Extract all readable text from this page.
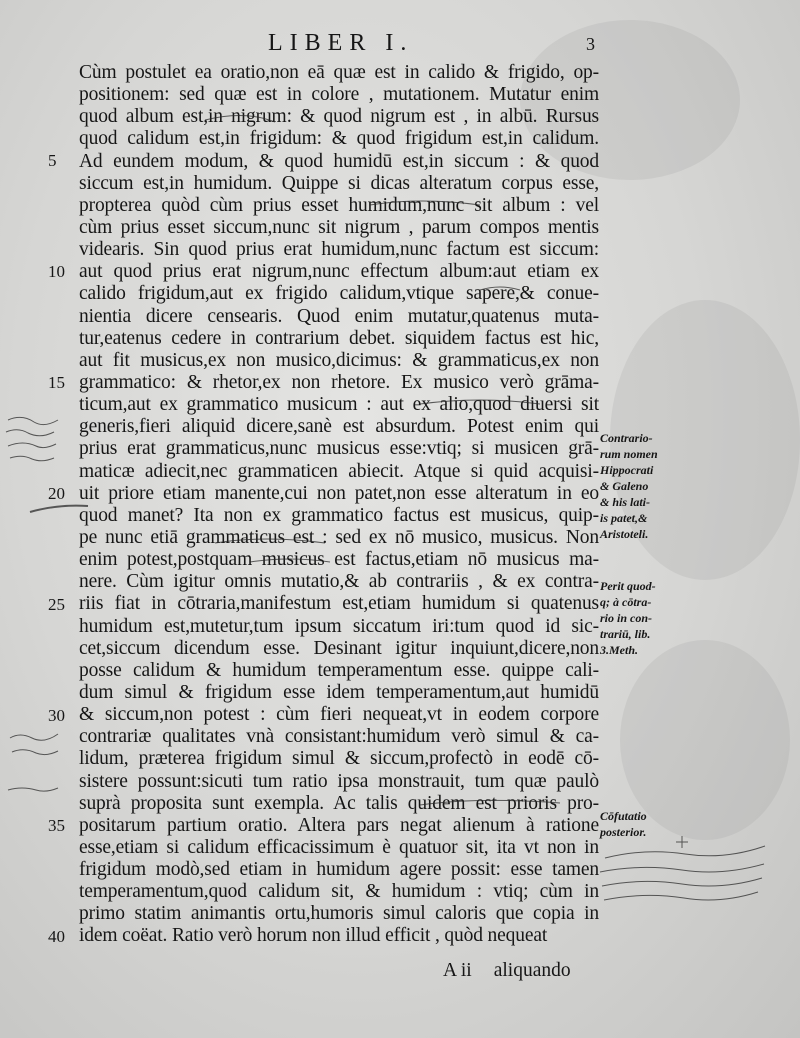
LIBER I.	3
Cùm postulet ea oratio,non eā quæ est in calido & frigido, op-
positionem: sed quæ est in colore , mutationem. Mutatur enim
quod album est,in nigrum: & quod nigrum est , in albū. Rursus
quod calidum est,in frigidum: & quod frigidum est,in calidum.
Ad eundem modum, & quod humidū est,in siccum : & quod
siccum est,in humidum. Quippe si dicas alteratum corpus esse,
propterea quòd cùm prius esset humidum,nunc sit album : vel
cùm prius esset siccum,nunc sit nigrum , parum compos mentis
videaris. Sin quod prius erat humidum,nunc factum est siccum:
aut quod prius erat nigrum,nunc effectum album:aut etiam ex
calido frigidum,aut ex frigido calidum,vtique sapere,& conue-
nientia dicere censearis. Quod enim mutatur,quatenus muta-
tur,eatenus cedere in contrarium debet. siquidem factus est hic,
aut fit musicus,ex non musico,dicimus: & grammaticus,ex non
grammatico: & rhetor,ex non rhetore. Ex musico verò grāma-
ticum,aut ex grammatico musicum : aut ex alio,quod diuersi sit
generis,fieri aliquid dicere,sanè est absurdum. Potest enim qui
prius erat grammaticus,nunc musicus esse:vtiq; si musicen grā-
maticæ adiecit,nec grammaticen abiecit. Atque si quid acquisi-
uit priore etiam manente,cui non patet,non esse alteratum in eo
quod manet? Ita non ex grammatico factus est musicus, quip-
pe nunc etiā grammaticus est : sed ex nō musico, musicus. Non
enim potest,postquam musicus est factus,etiam nō musicus ma-
nere. Cùm igitur omnis mutatio,& ab contrariis , & ex contra-
riis fiat in cōtraria,manifestum est,etiam humidum si quatenus
humidum est,mutetur,tum ipsum siccatum iri:tum quod id sic-
cet,siccum dicendum esse. Desinant igitur inquiunt,dicere,non
posse calidum & humidum temperamentum esse. quippe cali-
dum simul & frigidum esse idem temperamentum,aut humidū
& siccum,non potest : cùm fieri nequeat,vt in eodem corpore
contrariæ qualitates vnà consistant:humidum verò simul & ca-
lidum, præterea frigidum simul & siccum,profectò in eodē cō-
sistere possunt:sicuti tum ratio ipsa monstrauit, tum quæ paulò
suprà proposita sunt exempla. Ac talis quidem est prioris pro-
positarum partium oratio. Altera pars negat alienum à ratione
esse,etiam si calidum efficacissimum è quatuor sit, ita vt non in
frigidum modò,sed etiam in humidum agere possit: esse tamen
temperamentum,quod calidum sit, & humidum : vtiq; cùm in
primo statim animantis ortu,humoris simul caloris que copia in
idem coëat. Ratio verò horum non illud efficit , quòd nequeat
5
10
15
20
25
30
35
40
Contrario-
rum nomen
Hippocrati
& Galeno
& his lati-
is patet,&
Aristoteli.
Perit quod-
q; à cōtra-
rio in con-
trariū, lib.
3.Meth.
Cōfutatio
posterior.
A ii aliquando
